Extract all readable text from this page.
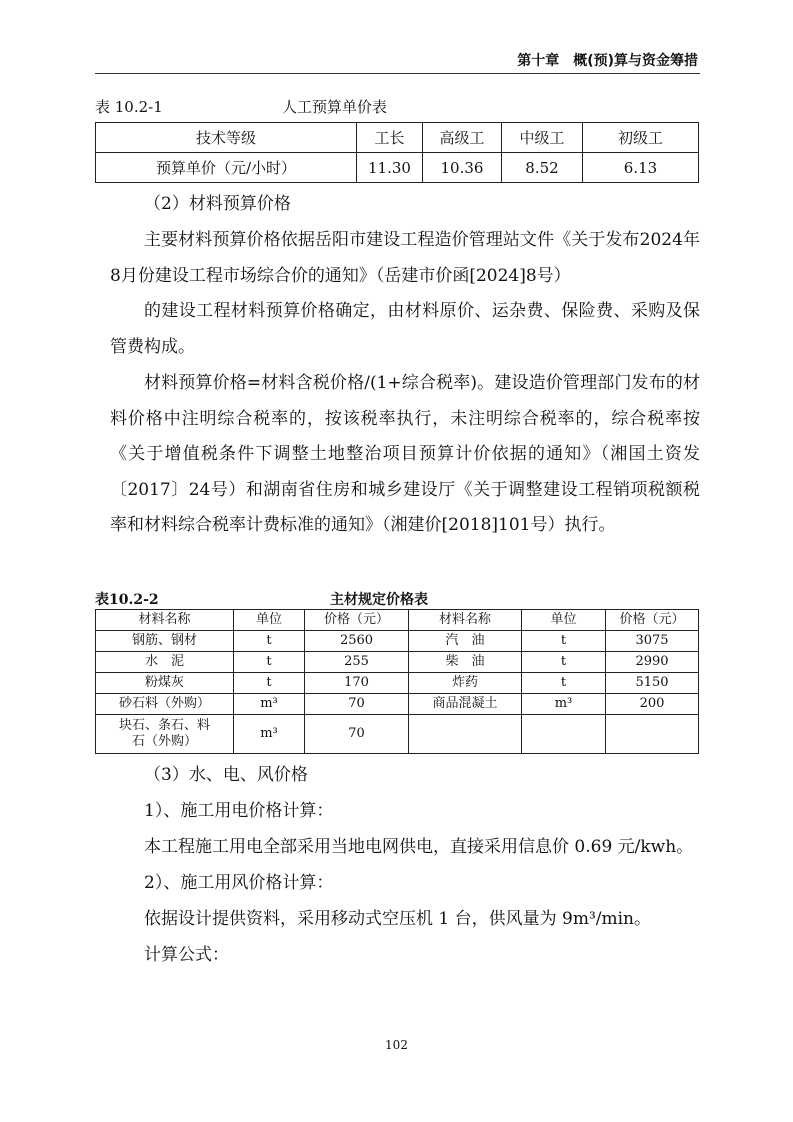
第十章　概(预)算与资金筹措
表 10.2-1	人工预算单价表
技术等级	工长	高级工	中级工	初级工
预算单价（元/小时）	11.30	10.36	8.52	6.13
（2）材料预算价格
主要材料预算价格依据岳阳市建设工程造价管理站文件《关于发布2024年8月份建设工程市场综合价的通知》（岳建市价函[2024]8号）
的建设工程材料预算价格确定，由材料原价、运杂费、保险费、采购及保管费构成。
材料预算价格=材料含税价格/(1+综合税率)。建设造价管理部门发布的材料价格中注明综合税率的，按该税率执行，未注明综合税率的，综合税率按《关于增值税条件下调整土地整治项目预算计价依据的通知》（湘国土资发〔2017〕24号）和湖南省住房和城乡建设厅《关于调整建设工程销项税额税率和材料综合税率计费标准的通知》（湘建价[2018]101号）执行。
表10.2-2	主材规定价格表
材料名称	单位	价格（元）	材料名称	单位	价格（元）
钢筋、钢材	t	2560	汽　油	t	3075
水　泥	t	255	柴　油	t	2990
粉煤灰	t	170	炸药	t	5150
砂石料（外购）	m³	70	商品混凝土	m³	200
块石、条石、料石（外购）	m³	70			
（3）水、电、风价格
1）、施工用电价格计算：
本工程施工用电全部采用当地电网供电，直接采用信息价 0.69 元/kwh。
2）、施工用风价格计算：
依据设计提供资料，采用移动式空压机 1 台，供风量为 9m³/min。
计算公式：
102
